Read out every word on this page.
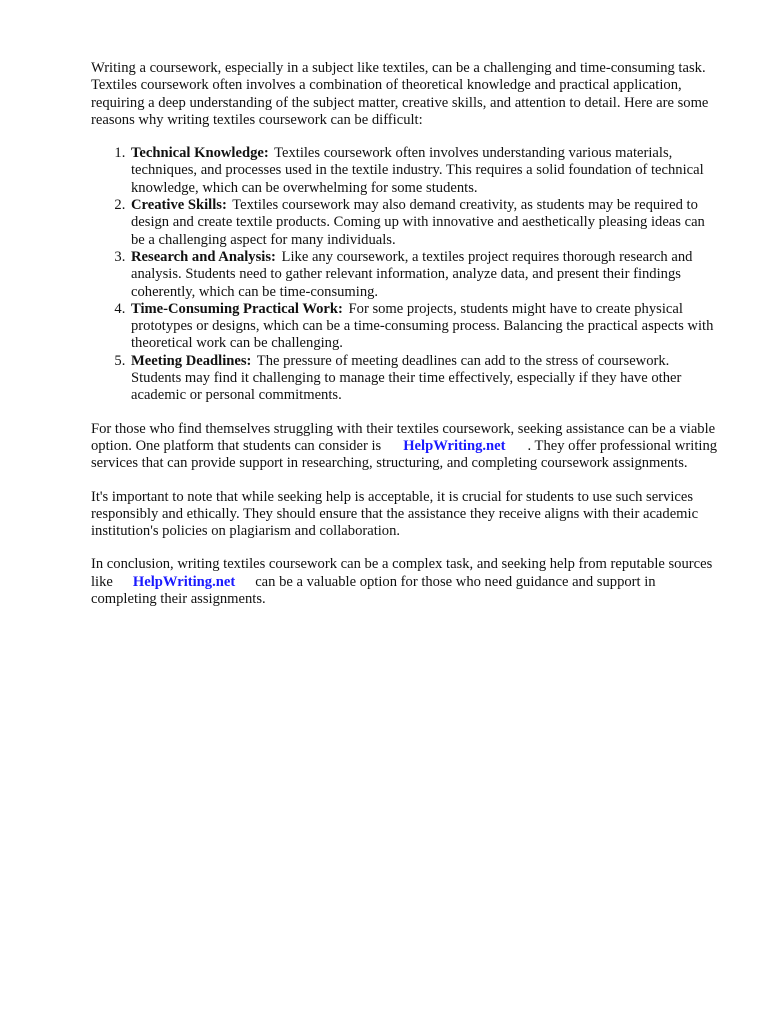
Writing a coursework, especially in a subject like textiles, can be a challenging and time-consuming task. Textiles coursework often involves a combination of theoretical knowledge and practical application, requiring a deep understanding of the subject matter, creative skills, and attention to detail. Here are some reasons why writing textiles coursework can be difficult:

1. Technical Knowledge: Textiles coursework often involves understanding various materials, techniques, and processes used in the textile industry. This requires a solid foundation of technical knowledge, which can be overwhelming for some students.
2. Creative Skills: Textiles coursework may also demand creativity, as students may be required to design and create textile products. Coming up with innovative and aesthetically pleasing ideas can be a challenging aspect for many individuals.
3. Research and Analysis: Like any coursework, a textiles project requires thorough research and analysis. Students need to gather relevant information, analyze data, and present their findings coherently, which can be time-consuming.
4. Time-Consuming Practical Work: For some projects, students might have to create physical prototypes or designs, which can be a time-consuming process. Balancing the practical aspects with theoretical work can be challenging.
5. Meeting Deadlines: The pressure of meeting deadlines can add to the stress of coursework. Students may find it challenging to manage their time effectively, especially if they have other academic or personal commitments.

For those who find themselves struggling with their textiles coursework, seeking assistance can be a viable option. One platform that students can consider is HelpWriting.net . They offer professional writing services that can provide support in researching, structuring, and completing coursework assignments.

It's important to note that while seeking help is acceptable, it is crucial for students to use such services responsibly and ethically. They should ensure that the assistance they receive aligns with their academic institution's policies on plagiarism and collaboration.

In conclusion, writing textiles coursework can be a complex task, and seeking help from reputable sources like HelpWriting.net can be a valuable option for those who need guidance and support in completing their assignments.
